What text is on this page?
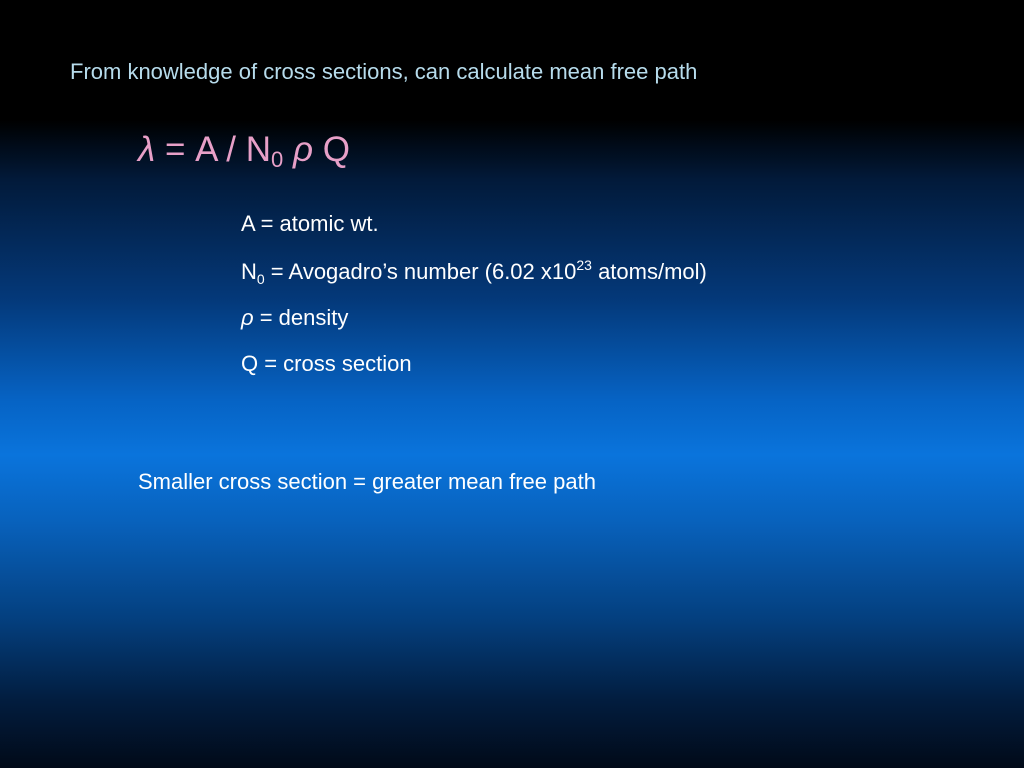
From knowledge of cross sections, can calculate mean free path
$\lambda = A / N_0$ ρ Q
A = atomic wt.
$N_0$ = Avogadro’s number (6.02 $x10^{23}$ atoms/mol)
ρ = density
Q = cross section
Smaller cross section = greater mean free path
